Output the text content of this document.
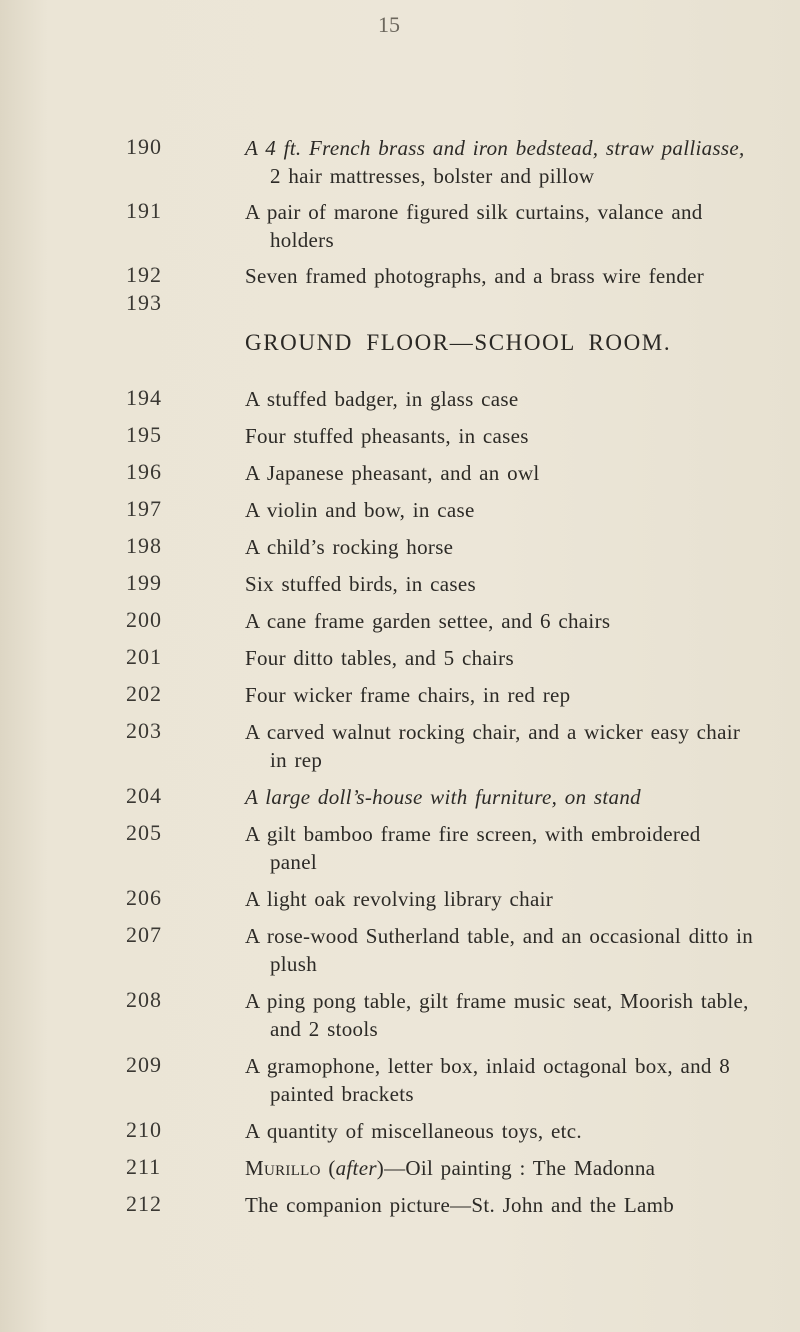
15
190	A 4 ft. French brass and iron bedstead, straw palliasse,
2 hair mattresses, bolster and pillow
191	A pair of marone figured silk curtains, valance and
holders
192	Seven framed photographs, and a brass wire fender
193
GROUND FLOOR—SCHOOL ROOM.
194	A stuffed badger, in glass case
195	Four stuffed pheasants, in cases
196	A Japanese pheasant, and an owl
197	A violin and bow, in case
198	A child’s rocking horse
199	Six stuffed birds, in cases
200	A cane frame garden settee, and 6 chairs
201	Four ditto tables, and 5 chairs
202	Four wicker frame chairs, in red rep
203	A carved walnut rocking chair, and a wicker easy chair
in rep
204	A large doll’s-house with furniture, on stand
205	A gilt bamboo frame fire screen, with embroidered
panel
206	A light oak revolving library chair
207	A rose-wood Sutherland table, and an occasional ditto in
plush
208	A ping pong table, gilt frame music seat, Moorish table,
and 2 stools
209	A gramophone, letter box, inlaid octagonal box, and 8
painted brackets
210	A quantity of miscellaneous toys, etc.
211	Murillo (after)—Oil painting : The Madonna
212	The companion picture—St. John and the Lamb
